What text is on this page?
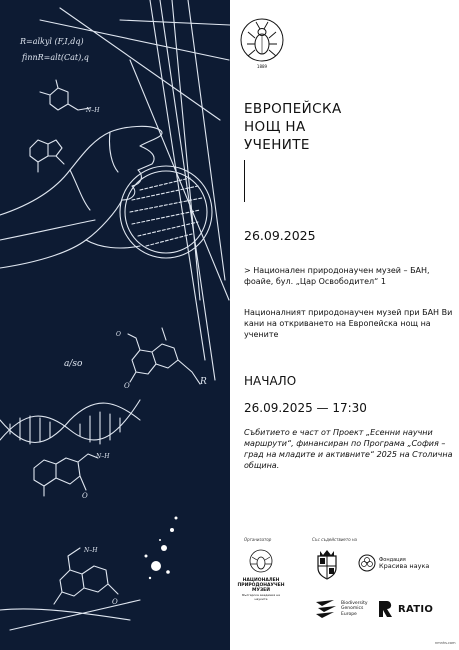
R=alkyl (F,I,dq)
finnR=alt(Cat),q
N–H
O
O	R
a/so
N–H
O
N–H
O
1889
ЕВРОПЕЙСКА
НОЩ НА
УЧЕНИТЕ
26.09.2025
> Национален природонаучен музей – БАН, фоайе, бул. „Цар Освободител“ 1
Националният природонаучен музей при БАН Ви кани на откриването на Европейска нощ на учените
НАЧАЛО
26.09.2025 — 17:30
Събитието е част от Проект „Есенни научни маршрути“, финансиран по Програма „София – град на младите и активните“ 2025 на Столична община.
Организатор
НАЦИОНАЛЕН
ПРИРОДОНАУЧЕН
МУЗЕЙ
Българска академия на науките
Със съдействието на
Фондация
Красива наука
Biodiversity
Genomics
Europe	RATIO
nmnhs.com
